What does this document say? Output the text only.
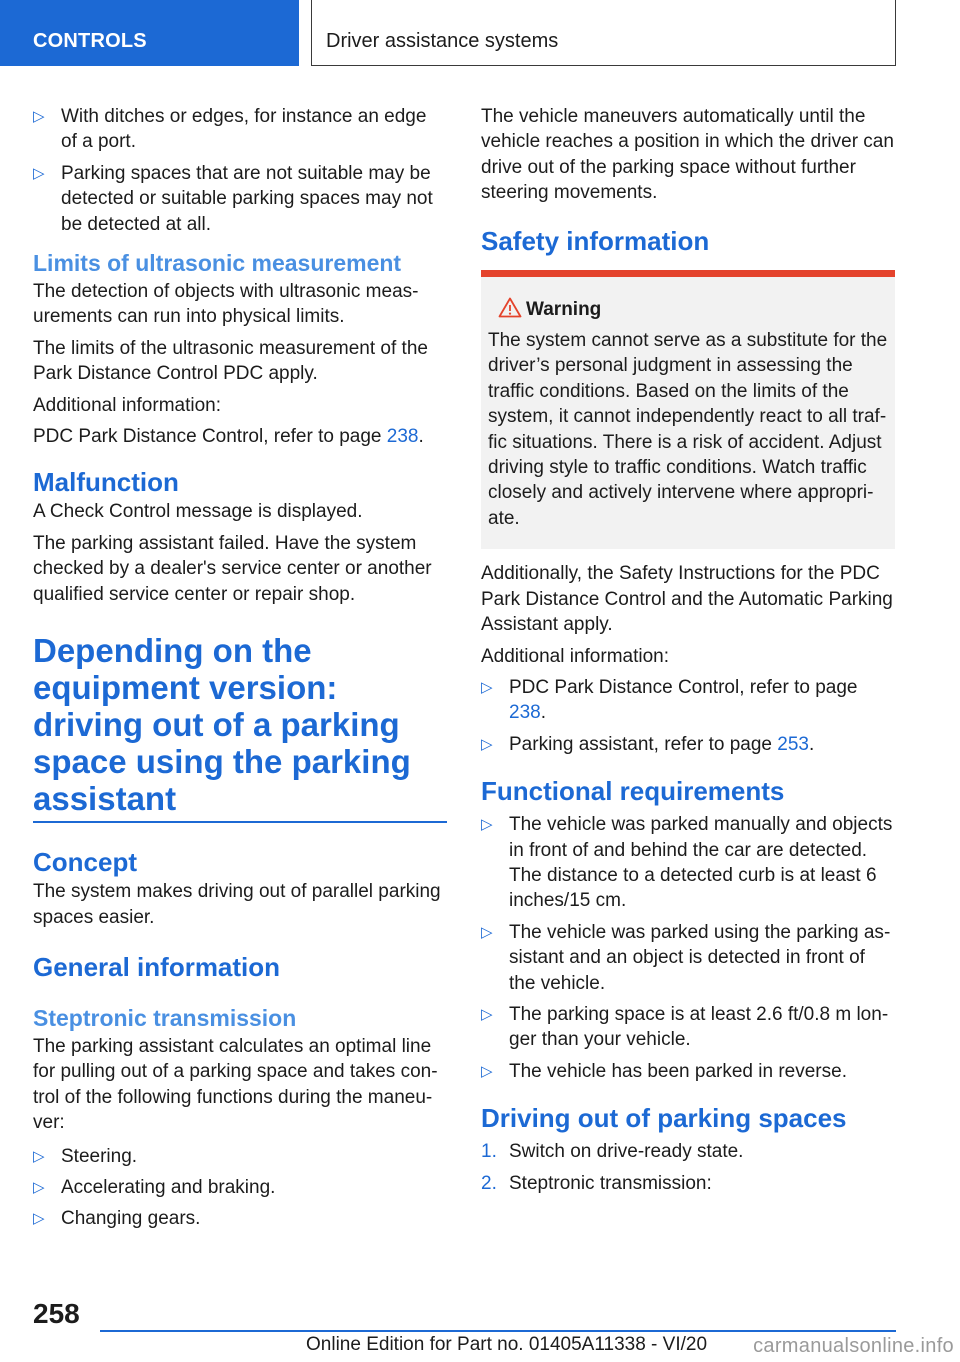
CONTROLS	Driver assistance systems
▷ With ditches or edges, for instance an edge of a port.
▷ Parking spaces that are not suitable may be detected or suitable parking spaces may not be detected at all.
Limits of ultrasonic measurement

The detection of objects with ultrasonic measurements can run into physical limits.

The limits of the ultrasonic measurement of the Park Distance Control PDC apply.

Additional information:

PDC Park Distance Control, refer to page 238.

Malfunction

A Check Control message is displayed.

The parking assistant failed. Have the system checked by a dealer's service center or another qualified service center or repair shop.

Depending on the equipment version: driving out of a parking space using the parking assistant
Concept

The system makes driving out of parallel parking spaces easier.

General information
Steptronic transmission

The parking assistant calculates an optimal line for pulling out of a parking space and takes control of the following functions during the maneuver:

▷ Steering.
▷ Accelerating and braking.
▷ Changing gears.

The vehicle maneuvers automatically until the vehicle reaches a position in which the driver can drive out of the parking space without further steering movements.

Safety information
Warning

The system cannot serve as a substitute for the driver’s personal judgment in assessing the traffic conditions. Based on the limits of the system, it cannot independently react to all traffic situations. There is a risk of accident. Adjust driving style to traffic conditions. Watch traffic closely and actively intervene where appropriate.

Additionally, the Safety Instructions for the PDC Park Distance Control and the Automatic Parking Assistant apply.

Additional information:

▷ PDC Park Distance Control, refer to page 238.
▷ Parking assistant, refer to page 253.
Functional requirements
▷ The vehicle was parked manually and objects in front of and behind the car are detected. The distance to a detected curb is at least 6 inches/15 cm.
▷ The vehicle was parked using the parking assistant and an object is detected in front of the vehicle.
▷ The parking space is at least 2.6 ft/0.8 m longer than your vehicle.
▷ The vehicle has been parked in reverse.
Driving out of parking spaces
1. Switch on drive-ready state.
2. Steptronic transmission:
258
Online Edition for Part no. 01405A11338 - VI/20 carmanualsonline.info
